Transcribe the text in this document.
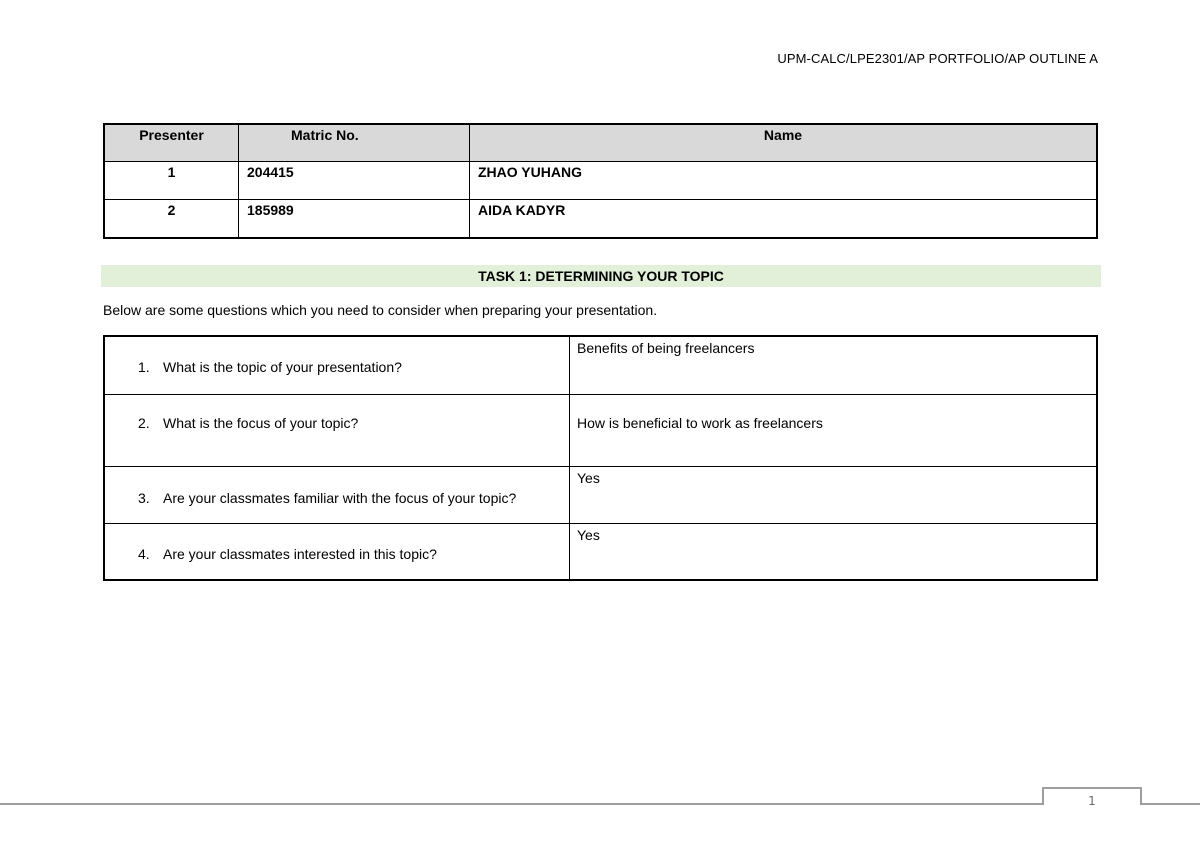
UPM-CALC/LPE2301/AP PORTFOLIO/AP OUTLINE A
Presenter	Matric No.	Name
1	204415	ZHAO YUHANG
2	185989	AIDA KADYR
TASK 1: DETERMINING YOUR TOPIC
Below are some questions which you need to consider when preparing your presentation.
1. What is the topic of your presentation?	Benefits of being freelancers

2. What is the focus of your topic?	How is beneficial to work as freelancers

3. Are your classmates familiar with the focus of your topic?	Yes

4. Are your classmates interested in this topic?	Yes
1
